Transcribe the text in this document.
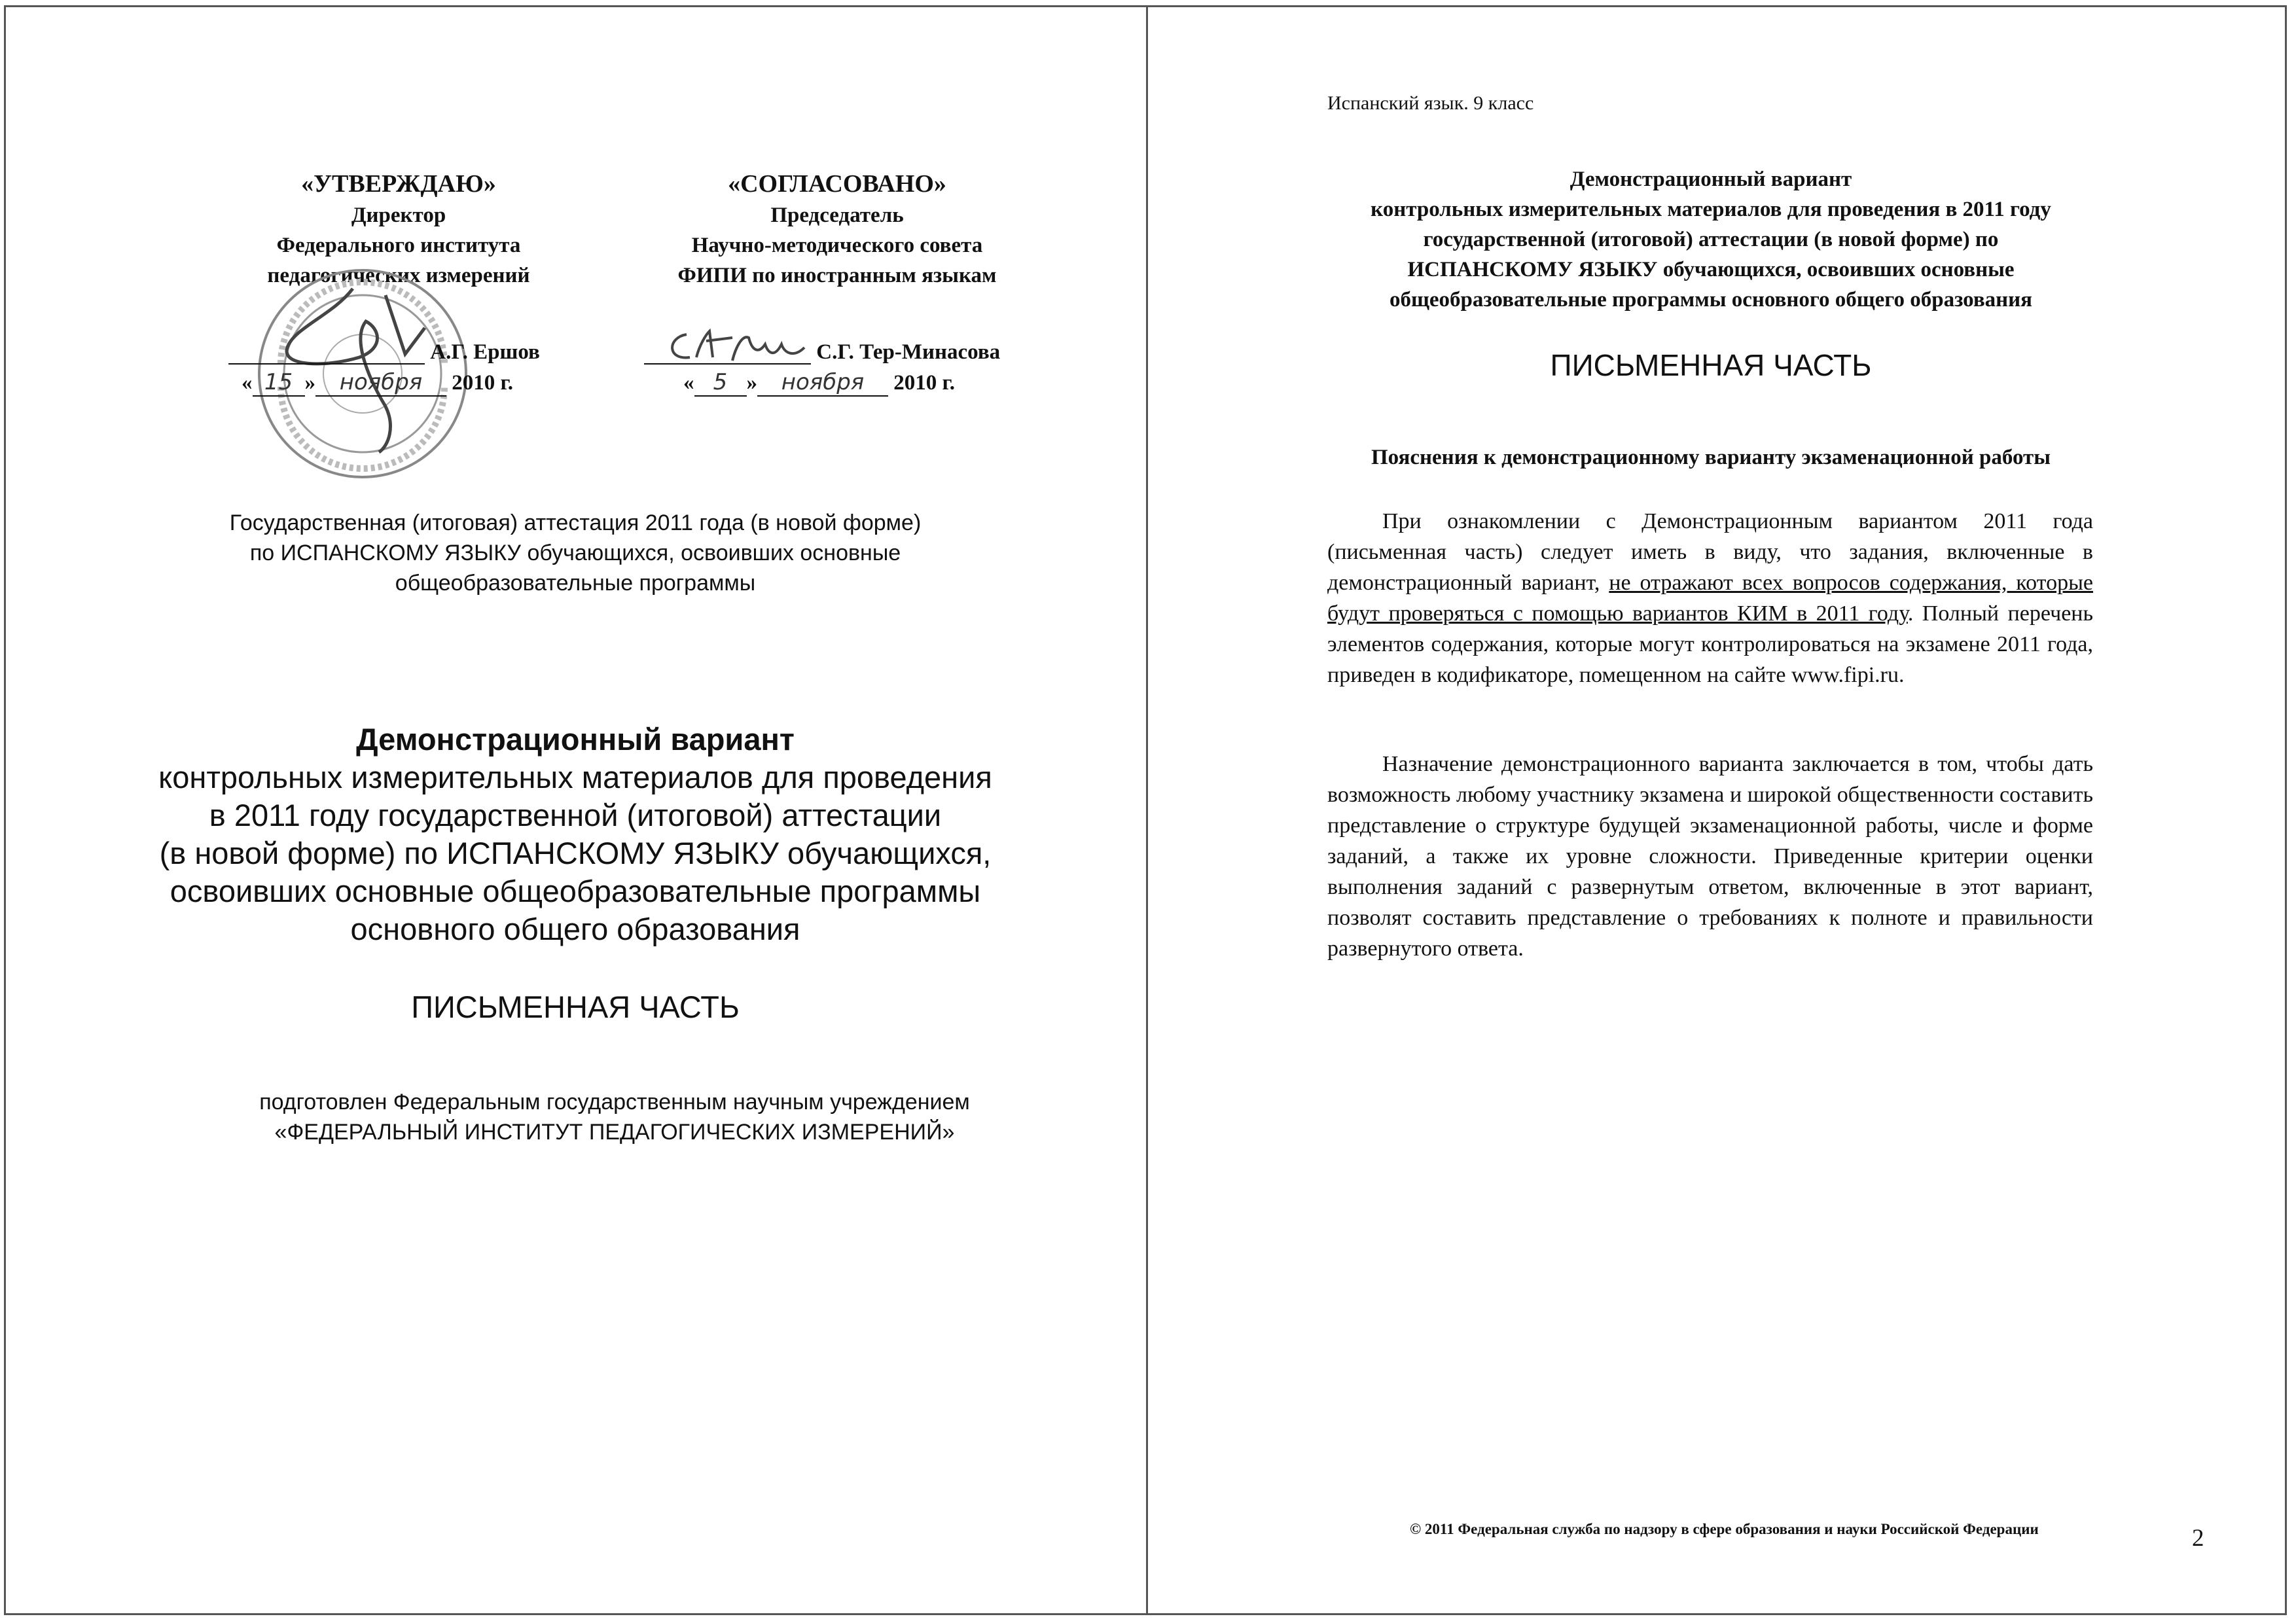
«УТВЕРЖДАЮ»
Директор
Федерального института
педагогических измерений
«СОГЛАСОВАНО»
Председатель
Научно-методического совета
ФИПИ по иностранным языкам
А.Г. Ершов
« 15 » ноября 2010 г.
С.Г. Тер-Минасова
« 5 » ноября 2010 г.
Государственная (итоговая) аттестация 2011 года (в новой форме)
по ИСПАНСКОМУ ЯЗЫКУ обучающихся, освоивших основные
общеобразовательные программы
Демонстрационный вариант
контрольных измерительных материалов для проведения
в 2011 году государственной (итоговой) аттестации
(в новой форме) по ИСПАНСКОМУ ЯЗЫКУ обучающихся,
освоивших основные общеобразовательные программы
основного общего образования
ПИСЬМЕННАЯ ЧАСТЬ
подготовлен Федеральным государственным научным учреждением
«ФЕДЕРАЛЬНЫЙ ИНСТИТУТ ПЕДАГОГИЧЕСКИХ ИЗМЕРЕНИЙ»
Испанский язык. 9 класс
Демонстрационный вариант
контрольных измерительных материалов для проведения в 2011 году
государственной (итоговой) аттестации (в новой форме) по
ИСПАНСКОМУ ЯЗЫКУ обучающихся, освоивших основные
общеобразовательные программы основного общего образования
ПИСЬМЕННАЯ ЧАСТЬ
Пояснения к демонстрационному варианту экзаменационной работы
При ознакомлении с Демонстрационным вариантом 2011 года (письменная часть) следует иметь в виду, что задания, включенные в демонстрационный вариант, не отражают всех вопросов содержания, которые будут проверяться с помощью вариантов КИМ в 2011 году. Полный перечень элементов содержания, которые могут контролироваться на экзамене 2011 года, приведен в кодификаторе, помещенном на сайте www.fipi.ru.
Назначение демонстрационного варианта заключается в том, чтобы дать возможность любому участнику экзамена и широкой общественности составить представление о структуре будущей экзаменационной работы, числе и форме заданий, а также их уровне сложности. Приведенные критерии оценки выполнения заданий с развернутым ответом, включенные в этот вариант, позволят составить представление о требованиях к полноте и правильности развернутого ответа.
© 2011 Федеральная служба по надзору в сфере образования и науки Российской Федерации	2
